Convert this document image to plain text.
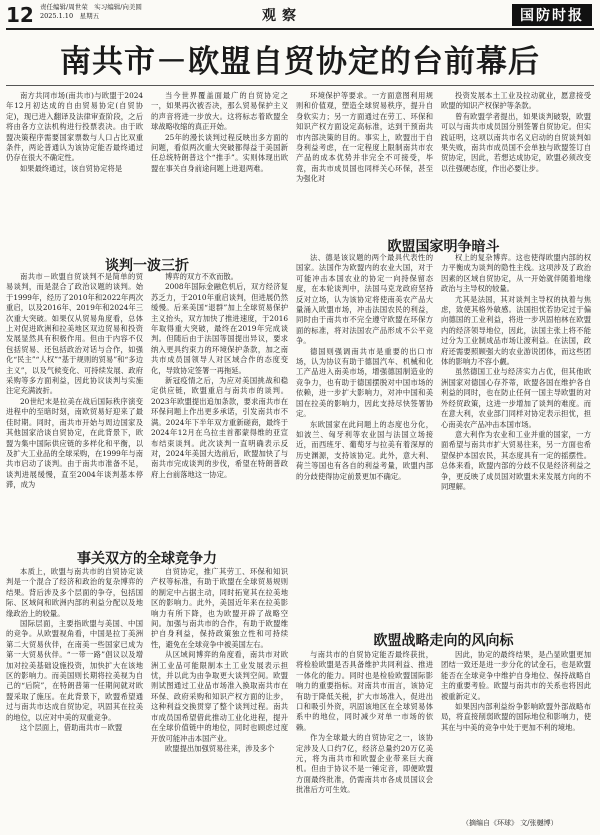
12 责任编辑/周世荣　实习编辑/向美圆
2025.1.10　星期五	观察	国防时报
南共市－欧盟自贸协定的台前幕后

南方共同市场(南共市)与欧盟于2024年12月初达成的自由贸易协定(自贸协定)，现已进入翻译及法律审查阶段，之后将由各方立法机构进行投票表决。由于欧盟决策程序需要国家票数与人口占比双重条件，两论普通认为该协定能否最终通过仍存在很大不确定性。

如果最终通过，该自贸协定将是

当今世界覆盖面最广的自贸协定之一，如果再次被否决，那么贸易保护主义的声音将进一步放大。这将标志着欧盟全球战略收缩的真正开始。

25年的漫长谈判过程反映出多方面的问题，看似两次重大突破都得益于美国新任总统特朗普这个“推手”。实则体现出欧盟在事关自身前途问题上进退两难。

环境保护等要求。一方面意图利用规则和价值观，塑造全球贸易秩序，提升自身软实力；另一方面通过在劳工、环保和知识产权方面设定高标准，达到干预南共市内部决策的目的。事实上，欧盟出于自身利益考虑，在一定程度上限制南共市农产品的成本优势并非完全不可接受，毕竟，南共市成员国也同样关心环保，甚至为强化对

投资发展本土工业及拉动就业，愿意接受欧盟的知识产权保护等条款。

曾有欧盟学者提出，如果谈判破裂，欧盟可以与南共市成员国分别签署自贸协定。但实践证明，这项以南共市名义启动的自贸谈判如果失败，南共市成员国不会单独与欧盟签订自贸协定，因此，若想达成协定，欧盟必须改变以往强硬态度，作出必要让步。

谈判一波三折
欧盟国家明争暗斗

南共市－欧盟自贸谈判不是简单的贸易谈判，而是混合了政治议题的谈判。始于1999年，经历了2010年和2022年两次重启，以及2016年、2019年和2024年三次重大突破。如果仅从贸易角度看，总体上对促进欧洲和拉美地区双边贸易和投资发展显然具有积极作用。但由于内容不仅包括贸易、还包括政治对话与合作，如强化“民主”“人权”“基于规则的贸易”和“多边主义”，以及气候变化、可持续发展、政府采购等多方面利益，因此协议谈判与实施注定充满波折。

20世纪末是拉美在战后国际秩序演变进程中的至暗时刻，南欧贸易好迎来了最佳时期。同时，南共市开始与周边国家及其他国家洽谈自贸协定，在此背景下，欧盟为集中国际供应链的多样化和平衡，以及扩大工业品的全球采购，在1999年与南共市启动了谈判。由于南共市准备不足，谈判进展缓慢，直至2004年谈判基本停滞，成为

博弈的双方不欢而散。

2008年国际金融危机后，双方经济复苏乏力，于2010年重启谈判，但进展仍然缓慢。后来美国“退群”加上全球贸易保护主义抬头，双方加快了推进速度，于2016年取得重大突破，最终在2019年完成谈判。但随后由于法国等国提出异议，要求纳入更具约束力的环境保护条款，加之南共市成员国领导人对区域合作的态度变化，导致协定签署一再拖延。

新冠疫情之后，为应对美国挑战和稳定供应链，欧盟重启与南共市的谈判。2023年欧盟提出追加条款，要求南共市在环保问题上作出更多承诺，引发南共市不满。2024年下半年双方重新磋商，最终于2024年12月在乌拉圭首都蒙得维的亚宣布结束谈判。此次谈判一直明确表示反对，2024年美国大选前后，欧盟加快了与南共市完成谈判的步伐，希望在特朗普政府上台前落地这一协定。

法、德是该议题的两个最具代表性的国家。法国作为欧盟内的农业大国，对于可能冲击本国农业的协定一向持保留态度，在本轮谈判中，法国马克龙政府坚持反对立场，认为该协定将使南美农产品大量涌入欧盟市场，冲击法国农民的利益，同时由于南共市不完全遵守欧盟在环保方面的标准，将对法国农产品形成不公平竞争。

德国则强调南共市是重要的出口市场，认为协议有助于德国汽车、机械和化工产品进入南美市场，增强德国制造业的竞争力，也有助于德国摆脱对中国市场的依赖，进一步扩大影响力，对冲中国和美国在拉美的影响力，因此支持尽快签署协定。

东欧国家在此问题上的态度也分化，如波兰、匈牙利等农业国与法国立场接近，而西班牙、葡萄牙与拉美有着深厚的历史渊源，支持该协定。此外，意大利、荷兰等国也有各自的利益考量，欧盟内部的分歧使得协定前景更加不确定。

权上的复杂博弈。这也使得欧盟内部的权力平衡成为谈判的隐性主线。这项涉及了政治因素的区域自贸协定，从一开始就伴随着地缘政治与主导权的较量。

尤其是法国，其对谈判主导权的执着与焦虑，致使其格外敏感。法国担忧若协定过于偏向德国的工业利益，将进一步巩固柏林在欧盟内的经济领导地位，因此，法国主张上将不能过分为工业制成品市场让渡利益。在法国，政府还需要照顾强大的农业游说团体，而这些团体的影响力不容小觑。

虽然德国工业与经济实力占优，但其他欧洲国家对德国心存芥蒂，欧盟各国在维护各自利益的同时，也在防止任何一国主导欧盟的对外经贸政策，这进一步增加了谈判的难度。而在意大利，农业部门同样对协定表示担忧，担心南美农产品冲击本国市场。

意大利作为农业和工业并重的国家，一方面希望与南共市扩大贸易往来，另一方面也希望保护本国农民，其态度具有一定的摇摆性。总体来看，欧盟内部的分歧不仅是经济利益之争，更反映了成员国对欧盟未来发展方向的不同理解。

事关双方的全球竞争力
欧盟战略走向的风向标

本质上，欧盟与南共市的自贸协定谈判是一个混合了经济和政治的复杂博弈的结果。背后涉及多个层面的争夺，包括国际、区域间和欧洲内部的利益分配以及地缘政治上的较量。

国际层面，主要指欧盟与美国、中国的竞争。从欧盟视角看，中国是拉丁美洲第二大贸易伙伴，在南美一些国家已成为第一大贸易伙伴。“一带一路”倡议以及增加对拉美基础设施投资，加快扩大在该地区的影响力。而美国则长期将拉美视为自己的“后院”，在特朗普第一任期间就对欧盟采取了施压。在此背景下，欧盟希望通过与南共市达成自贸协定，巩固其在拉美的地位，以应对中美的双重竞争。

这个层面上，借助南共市－欧盟

自贸协定，推广其劳工、环保和知识产权等标准，有助于欧盟在全球贸易规则的制定中占据主动，同时拓宽其在拉美地区的影响力。此外，美国近年来在拉美影响力有所下降，也为欧盟开辟了战略空间。加强与南共市的合作，有助于欧盟维护自身利益，保持政策独立性和可持续性，避免在全球竞争中被美国左右。

从区域间博弈的角度看，南共市对欧洲工业品可能限制本土工业发展表示担忧，并以此为由争取更大谈判空间。欧盟则试图通过工业品市场准入换取南共市在环保、政府采购和知识产权方面的让步，这种利益交换贯穿了整个谈判过程。南共市成员国希望借此推动工业化进程，提升在全球价值链中的地位，同时也顾虑过度开放可能冲击本国产业。

欧盟提出加强贸易往来，涉及多个

与南共市的自贸协定能否最终获批，将检验欧盟是否具备维护共同利益、推进一体化的能力。同时也是检验欧盟国际影响力的重要指标。对南共市而言，该协定有助于降低关税，扩大市场准入，促进出口和吸引外资，巩固该地区在全球贸易体系中的地位，同时减少对单一市场的依赖。

作为全球最大的自贸协定之一，该协定涉及人口约7亿，经济总量约20万亿美元，将为南共市和欧盟企业带来巨大商机。但由于协议不是一锤定音，即便欧盟方面最终批准，仍需南共市各成员国议会批准后方可生效。

因此，协定的最终结果，是凸显欧盟更加团结一致还是进一步分化的试金石，也是欧盟能否在全球竞争中维护自身地位、保持战略自主的重要考验。欧盟与南共市的关系也将因此被重新定义。

如果因内部利益纷争影响欧盟外部战略布局，将直接削弱欧盟的国际地位和影响力，使其在与中美的竞争中处于更加不利的境地。

（摘编自《环球》 文/张樾博）
